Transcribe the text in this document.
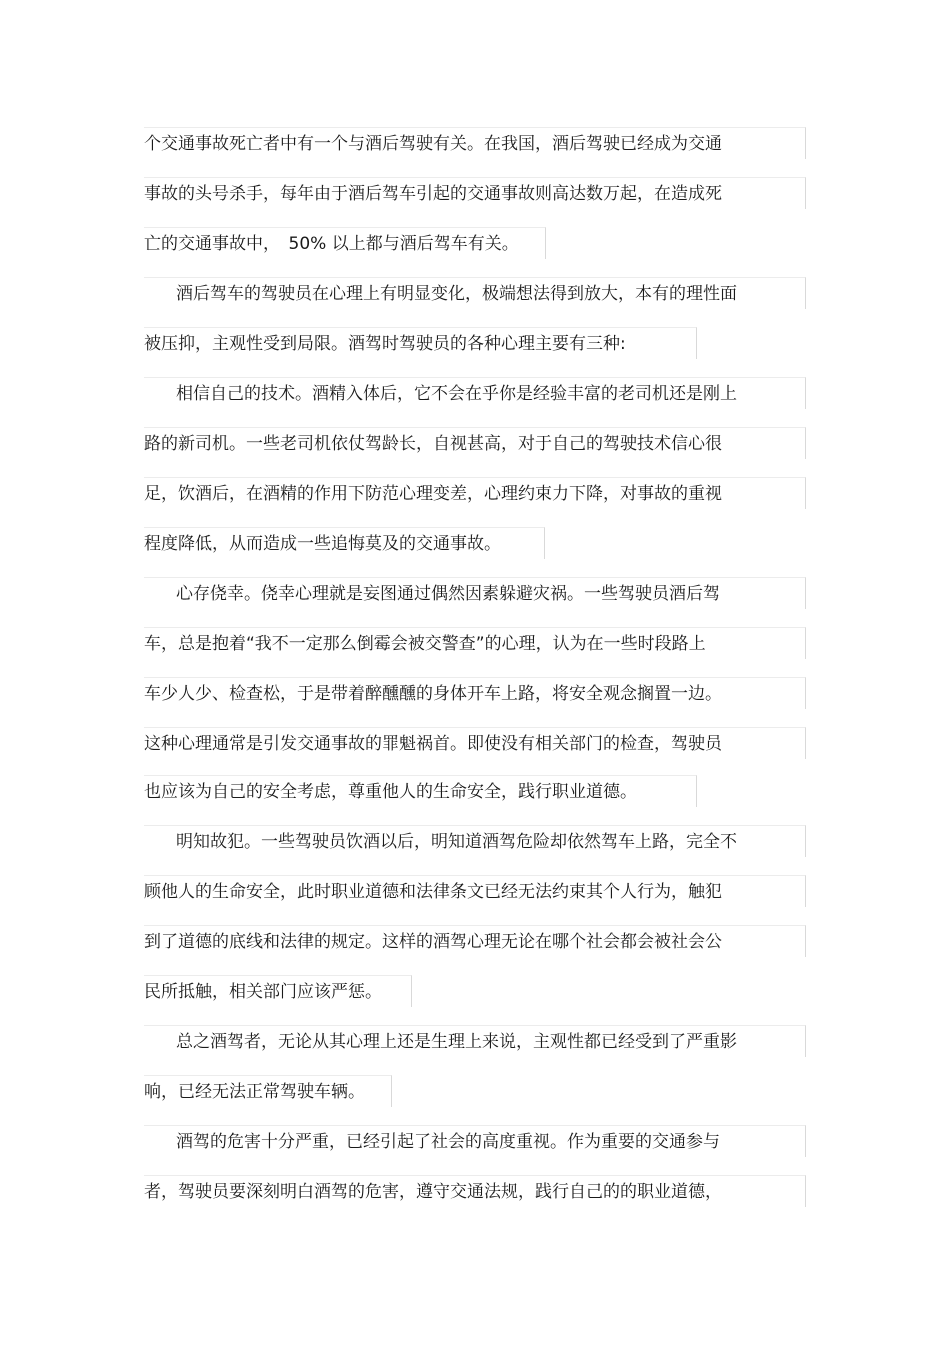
个交通事故死亡者中有一个与酒后驾驶有关。在我国，酒后驾驶已经成为交通
事故的头号杀手，每年由于酒后驾车引起的交通事故则高达数万起，在造成死
亡的交通事故中，　50% 以上都与酒后驾车有关。
酒后驾车的驾驶员在心理上有明显变化，极端想法得到放大，本有的理性面
被压抑，主观性受到局限。酒驾时驾驶员的各种心理主要有三种:
相信自己的技术。酒精入体后，它不会在乎你是经验丰富的老司机还是刚上
路的新司机。一些老司机依仗驾龄长，自视甚高，对于自己的驾驶技术信心很
足，饮酒后，在酒精的作用下防范心理变差，心理约束力下降，对事故的重视
程度降低，从而造成一些追悔莫及的交通事故。
心存侥幸。侥幸心理就是妄图通过偶然因素躲避灾祸。一些驾驶员酒后驾
车，总是抱着“我不一定那么倒霉会被交警查”的心理，认为在一些时段路上
车少人少、检查松，于是带着醉醺醺的身体开车上路，将安全观念搁置一边。
这种心理通常是引发交通事故的罪魁祸首。即使没有相关部门的检查，驾驶员
也应该为自己的安全考虑，尊重他人的生命安全，践行职业道德。
明知故犯。一些驾驶员饮酒以后，明知道酒驾危险却依然驾车上路，完全不
顾他人的生命安全，此时职业道德和法律条文已经无法约束其个人行为，触犯
到了道德的底线和法律的规定。这样的酒驾心理无论在哪个社会都会被社会公
民所抵触，相关部门应该严惩。
总之酒驾者，无论从其心理上还是生理上来说，主观性都已经受到了严重影
响，已经无法正常驾驶车辆。
酒驾的危害十分严重，已经引起了社会的高度重视。作为重要的交通参与
者，驾驶员要深刻明白酒驾的危害，遵守交通法规，践行自己的的职业道德，
